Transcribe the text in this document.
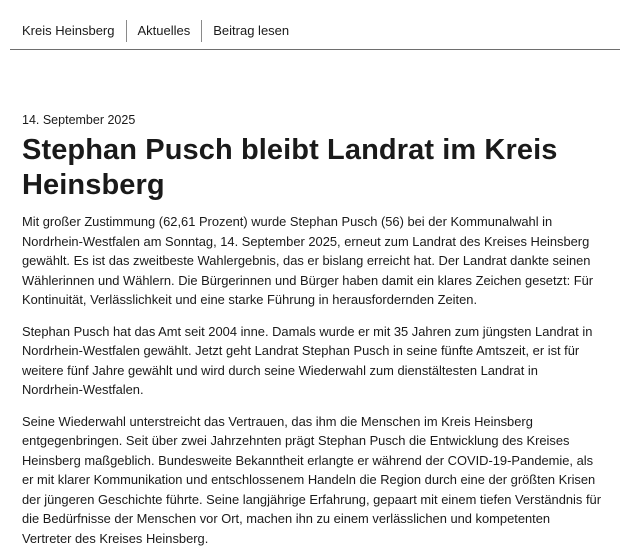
Kreis Heinsberg	Aktuelles	Beitrag lesen
14. September 2025
Stephan Pusch bleibt Landrat im Kreis Heinsberg

Mit großer Zustimmung (62,61 Prozent) wurde Stephan Pusch (56) bei der Kommunalwahl in Nordrhein-Westfalen am Sonntag, 14. September 2025, erneut zum Landrat des Kreises Heinsberg gewählt. Es ist das zweitbeste Wahlergebnis, das er bislang erreicht hat. Der Landrat dankte seinen Wählerinnen und Wählern. Die Bürgerinnen und Bürger haben damit ein klares Zeichen gesetzt: Für Kontinuität, Verlässlichkeit und eine starke Führung in herausfordernden Zeiten.

Stephan Pusch hat das Amt seit 2004 inne. Damals wurde er mit 35 Jahren zum jüngsten Landrat in Nordrhein-Westfalen gewählt. Jetzt geht Landrat Stephan Pusch in seine fünfte Amtszeit, er ist für weitere fünf Jahre gewählt und wird durch seine Wiederwahl zum dienstältesten Landrat in Nordrhein-Westfalen.

Seine Wiederwahl unterstreicht das Vertrauen, das ihm die Menschen im Kreis Heinsberg entgegenbringen. Seit über zwei Jahrzehnten prägt Stephan Pusch die Entwicklung des Kreises Heinsberg maßgeblich. Bundesweite Bekanntheit erlangte er während der COVID-19-Pandemie, als er mit klarer Kommunikation und entschlossenem Handeln die Region durch eine der größten Krisen der jüngeren Geschichte führte. Seine langjährige Erfahrung, gepaart mit einem tiefen Verständnis für die Bedürfnisse der Menschen vor Ort, machen ihn zu einem verlässlichen und kompetenten Vertreter des Kreises Heinsberg.
